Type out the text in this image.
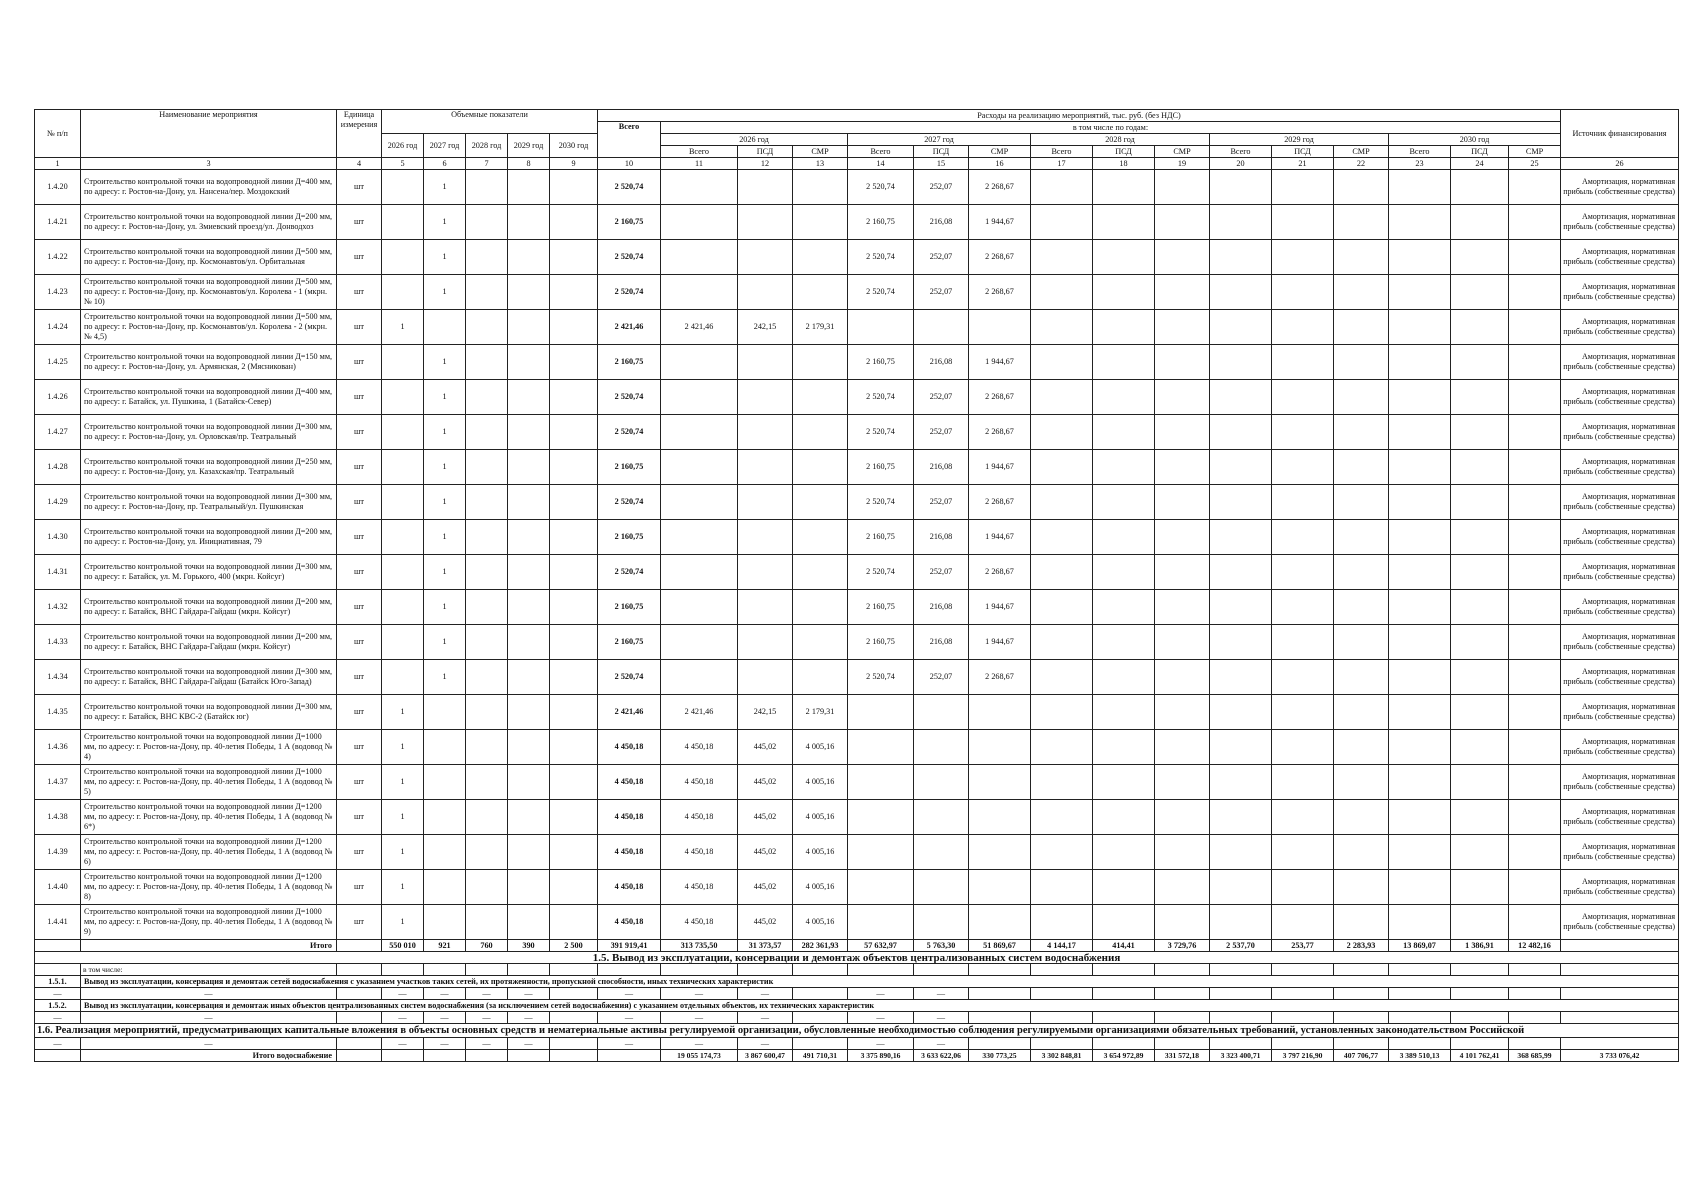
№ п/п	Наименование мероприятия	Единица измерения	Объемные показатели					Расходы на реализацию мероприятий, тыс. руб. (без НДС)																Источник финансирования	
								Всего	в том числе по годам:																
			2026 год	2027 год	2028 год	2029 год	2030 год		2026 год			2027 год			2028 год			2029 год			2030 год				
									Всего	ПСД	СМР	Всего	ПСД	СМР	Всего	ПСД	СМР	Всего	ПСД	СМР	Всего	ПСД	СМР		
1	3	4	5	6	7	8	9	10	11	12	13	14	15	16	17	18	19	20	21	22	23	24	25	26	
1.4.20	Строительство контрольной точки на водопроводной линии Д=400 мм, по адресу: г. Ростов-на-Дону, ул. Нансена/пер. Моздокский	шт		1				2 520,74				2 520,74	252,07	2 268,67										Амортизация, нормативная прибыль (собственные средства)	
1.4.21	Строительство контрольной точки на водопроводной линии Д=200 мм, по адресу: г. Ростов-на-Дону, ул. Змиевский проезд/ул. Донводхоз	шт		1				2 160,75				2 160,75	216,08	1 944,67										Амортизация, нормативная прибыль (собственные средства)	
1.4.22	Строительство контрольной точки на водопроводной линии Д=500 мм, по адресу: г. Ростов-на-Дону, пр. Космонавтов/ул. Орбитальная	шт		1				2 520,74				2 520,74	252,07	2 268,67										Амортизация, нормативная прибыль (собственные средства)	
1.4.23	Строительство контрольной точки на водопроводной линии Д=500 мм, по адресу: г. Ростов-на-Дону, пр. Космонавтов/ул. Королева - 1 (мкрн. № 10)	шт		1				2 520,74				2 520,74	252,07	2 268,67										Амортизация, нормативная прибыль (собственные средства)	
1.4.24	Строительство контрольной точки на водопроводной линии Д=500 мм, по адресу: г. Ростов-на-Дону, пр. Космонавтов/ул. Королева - 2 (мкрн. № 4,5)	шт	1					2 421,46	2 421,46	242,15	2 179,31													Амортизация, нормативная прибыль (собственные средства)	
1.4.25	Строительство контрольной точки на водопроводной линии Д=150 мм, по адресу: г. Ростов-на-Дону, ул. Армянская, 2 (Мясникован)	шт		1				2 160,75				2 160,75	216,08	1 944,67										Амортизация, нормативная прибыль (собственные средства)	
1.4.26	Строительство контрольной точки на водопроводной линии Д=400 мм, по адресу: г. Батайск, ул. Пушкина, 1 (Батайск-Север)	шт		1				2 520,74				2 520,74	252,07	2 268,67										Амортизация, нормативная прибыль (собственные средства)	
1.4.27	Строительство контрольной точки на водопроводной линии Д=300 мм, по адресу: г. Ростов-на-Дону, ул. Орловская/пр. Театральный	шт		1				2 520,74				2 520,74	252,07	2 268,67										Амортизация, нормативная прибыль (собственные средства)	
1.4.28	Строительство контрольной точки на водопроводной линии Д=250 мм, по адресу: г. Ростов-на-Дону, ул. Казахская/пр. Театральный	шт		1				2 160,75				2 160,75	216,08	1 944,67										Амортизация, нормативная прибыль (собственные средства)	
1.4.29	Строительство контрольной точки на водопроводной линии Д=300 мм, по адресу: г. Ростов-на-Дону, пр. Театральный/ул. Пушкинская	шт		1				2 520,74				2 520,74	252,07	2 268,67										Амортизация, нормативная прибыль (собственные средства)	
1.4.30	Строительство контрольной точки на водопроводной линии Д=200 мм, по адресу: г. Ростов-на-Дону, ул. Инициативная, 79	шт		1				2 160,75				2 160,75	216,08	1 944,67										Амортизация, нормативная прибыль (собственные средства)	
1.4.31	Строительство контрольной точки на водопроводной линии Д=300 мм, по адресу: г. Батайск, ул. М. Горького, 400 (мкрн. Койсуг)	шт		1				2 520,74				2 520,74	252,07	2 268,67										Амортизация, нормативная прибыль (собственные средства)	
1.4.32	Строительство контрольной точки на водопроводной линии Д=200 мм, по адресу: г. Батайск, ВНС Гайдара-Гайдаш (мкрн. Койсуг)	шт		1				2 160,75				2 160,75	216,08	1 944,67										Амортизация, нормативная прибыль (собственные средства)	
1.4.33	Строительство контрольной точки на водопроводной линии Д=200 мм, по адресу: г. Батайск, ВНС Гайдара-Гайдаш (мкрн. Койсуг)	шт		1				2 160,75				2 160,75	216,08	1 944,67										Амортизация, нормативная прибыль (собственные средства)	
1.4.34	Строительство контрольной точки на водопроводной линии Д=300 мм, по адресу: г. Батайск, ВНС Гайдара-Гайдаш (Батайск Юго-Запад)	шт		1				2 520,74				2 520,74	252,07	2 268,67										Амортизация, нормативная прибыль (собственные средства)	
1.4.35	Строительство контрольной точки на водопроводной линии Д=300 мм, по адресу: г. Батайск, ВНС КВС-2 (Батайск юг)	шт	1					2 421,46	2 421,46	242,15	2 179,31													Амортизация, нормативная прибыль (собственные средства)	
1.4.36	Строительство контрольной точки на водопроводной линии Д=1000 мм, по адресу: г. Ростов-на-Дону, пр. 40-летия Победы, 1 А (водовод № 4)	шт	1					4 450,18	4 450,18	445,02	4 005,16													Амортизация, нормативная прибыль (собственные средства)	
1.4.37	Строительство контрольной точки на водопроводной линии Д=1000 мм, по адресу: г. Ростов-на-Дону, пр. 40-летия Победы, 1 А (водовод № 5)	шт	1					4 450,18	4 450,18	445,02	4 005,16													Амортизация, нормативная прибыль (собственные средства)	
1.4.38	Строительство контрольной точки на водопроводной линии Д=1200 мм, по адресу: г. Ростов-на-Дону, пр. 40-летия Победы, 1 А (водовод № 6*)	шт	1					4 450,18	4 450,18	445,02	4 005,16													Амортизация, нормативная прибыль (собственные средства)	
1.4.39	Строительство контрольной точки на водопроводной линии Д=1200 мм, по адресу: г. Ростов-на-Дону, пр. 40-летия Победы, 1 А (водовод № 6)	шт	1					4 450,18	4 450,18	445,02	4 005,16													Амортизация, нормативная прибыль (собственные средства)	
1.4.40	Строительство контрольной точки на водопроводной линии Д=1200 мм, по адресу: г. Ростов-на-Дону, пр. 40-летия Победы, 1 А (водовод № 8)	шт	1					4 450,18	4 450,18	445,02	4 005,16													Амортизация, нормативная прибыль (собственные средства)	
1.4.41	Строительство контрольной точки на водопроводной линии Д=1000 мм, по адресу: г. Ростов-на-Дону, пр. 40-летия Победы, 1 А (водовод № 9)	шт	1					4 450,18	4 450,18	445,02	4 005,16													Амортизация, нормативная прибыль (собственные средства)	
	Итого		550 010	921	760	390	2 500	391 919,41	313 735,50	31 373,57	282 361,93	57 632,97	5 763,30	51 869,67	4 144,17	414,41	3 729,76	2 537,70	253,77	2 283,93	13 869,07	1 386,91	12 482,16		
1.5. Вывод из эксплуатации, консервации и демонтаж объектов централизованных систем водоснабжения																									
	в том числе:																								
1.5.1.	Вывод из эксплуатации, консервация и демонтаж сетей водоснабжения с указанием участков таких сетей, их протяженности, пропускной способности, иных технических характеристик																								
—	—		—	—	—	—		—	—	—		—	—												
1.5.2.	Вывод из эксплуатации, консервация и демонтаж иных объектов централизованных систем водоснабжения (за исключением сетей водоснабжения) с указанием отдельных объектов, их технических характеристик																								
—	—		—	—	—	—		—	—	—		—	—												
1.6. Реализация мероприятий, предусматривающих капитальные вложения в объекты основных средств и нематериальные активы регулируемой организации, обусловленные необходимостью соблюдения регулируемыми организациями обязательных требований, установленных законодательством Российской																									
—	—		—	—	—	—		—	—	—		—	—												
	Итого водоснабжение								19 055 174,73	3 867 600,47	491 710,31	3 375 890,16	3 633 622,06	330 773,25	3 302 848,81	3 654 972,89	331 572,18	3 323 400,71	3 797 216,90	407 706,77	3 389 510,13	4 101 762,41	368 685,99	3 733 076,42	
